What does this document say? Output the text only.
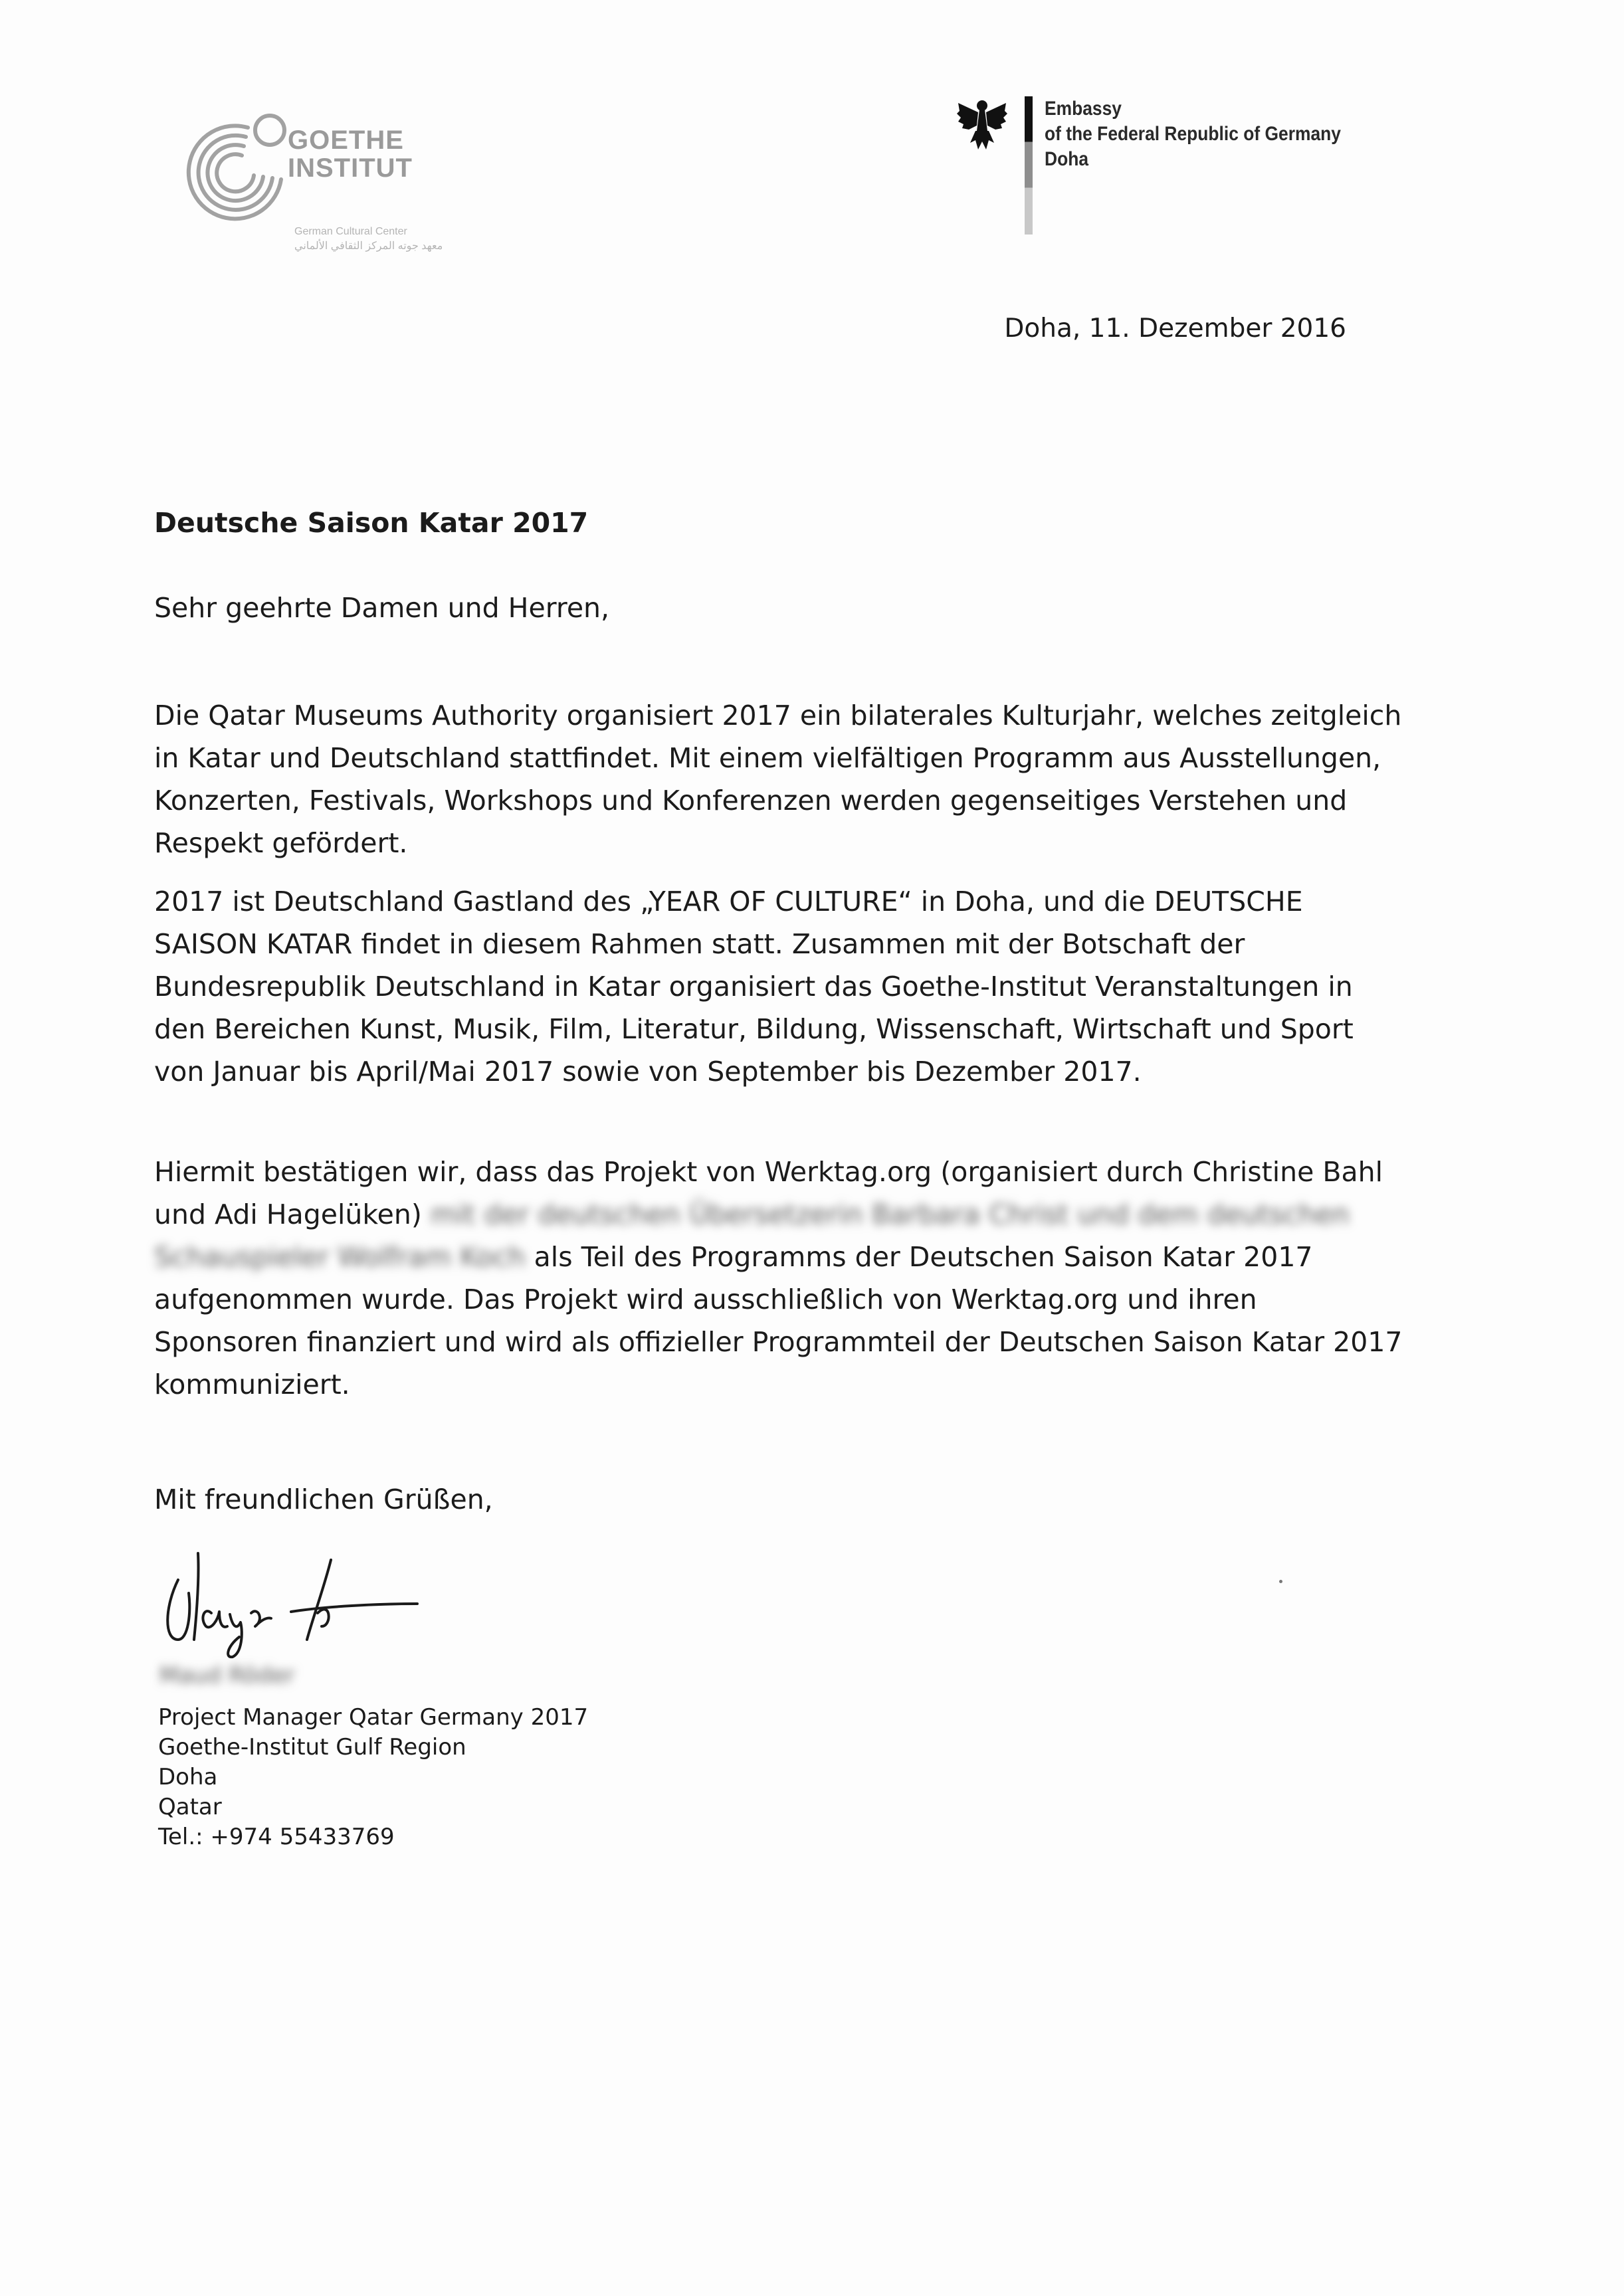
GOETHE
INSTITUT
German Cultural Center
معهد جوته المركز الثقافي الألماني
Embassy
of the Federal Republic of Germany
Doha
Doha, 11. Dezember 2016
Deutsche Saison Katar 2017
Sehr geehrte Damen und Herren,

Die Qatar Museums Authority organisiert 2017 ein bilaterales Kulturjahr, welches zeitgleich in Katar und Deutschland stattfindet. Mit einem vielfältigen Programm aus Ausstellungen, Konzerten, Festivals, Workshops und Konferenzen werden gegenseitiges Verstehen und Respekt gefördert.

2017 ist Deutschland Gastland des „YEAR OF CULTURE“ in Doha, und die DEUTSCHE SAISON KATAR findet in diesem Rahmen statt. Zusammen mit der Botschaft der Bundesrepublik Deutschland in Katar organisiert das Goethe-Institut Veranstaltungen in den Bereichen Kunst, Musik, Film, Literatur, Bildung, Wissenschaft, Wirtschaft und Sport von Januar bis April/Mai 2017 sowie von September bis Dezember 2017.

Hiermit bestätigen wir, dass das Projekt von Werktag.org (organisiert durch Christine Bahl und Adi Hagelüken) mit der deutschen Übersetzerin Barbara Christ und dem deutschen Schauspieler Wolfram Koch als Teil des Programms der Deutschen Saison Katar 2017 aufgenommen wurde. Das Projekt wird ausschließlich von Werktag.org und ihren Sponsoren finanziert und wird als offizieller Programmteil der Deutschen Saison Katar 2017 kommuniziert.

Mit freundlichen Grüßen,
Maud Röder
Project Manager Qatar Germany 2017
Goethe-Institut Gulf Region
Doha
Qatar
Tel.: +974 55433769
